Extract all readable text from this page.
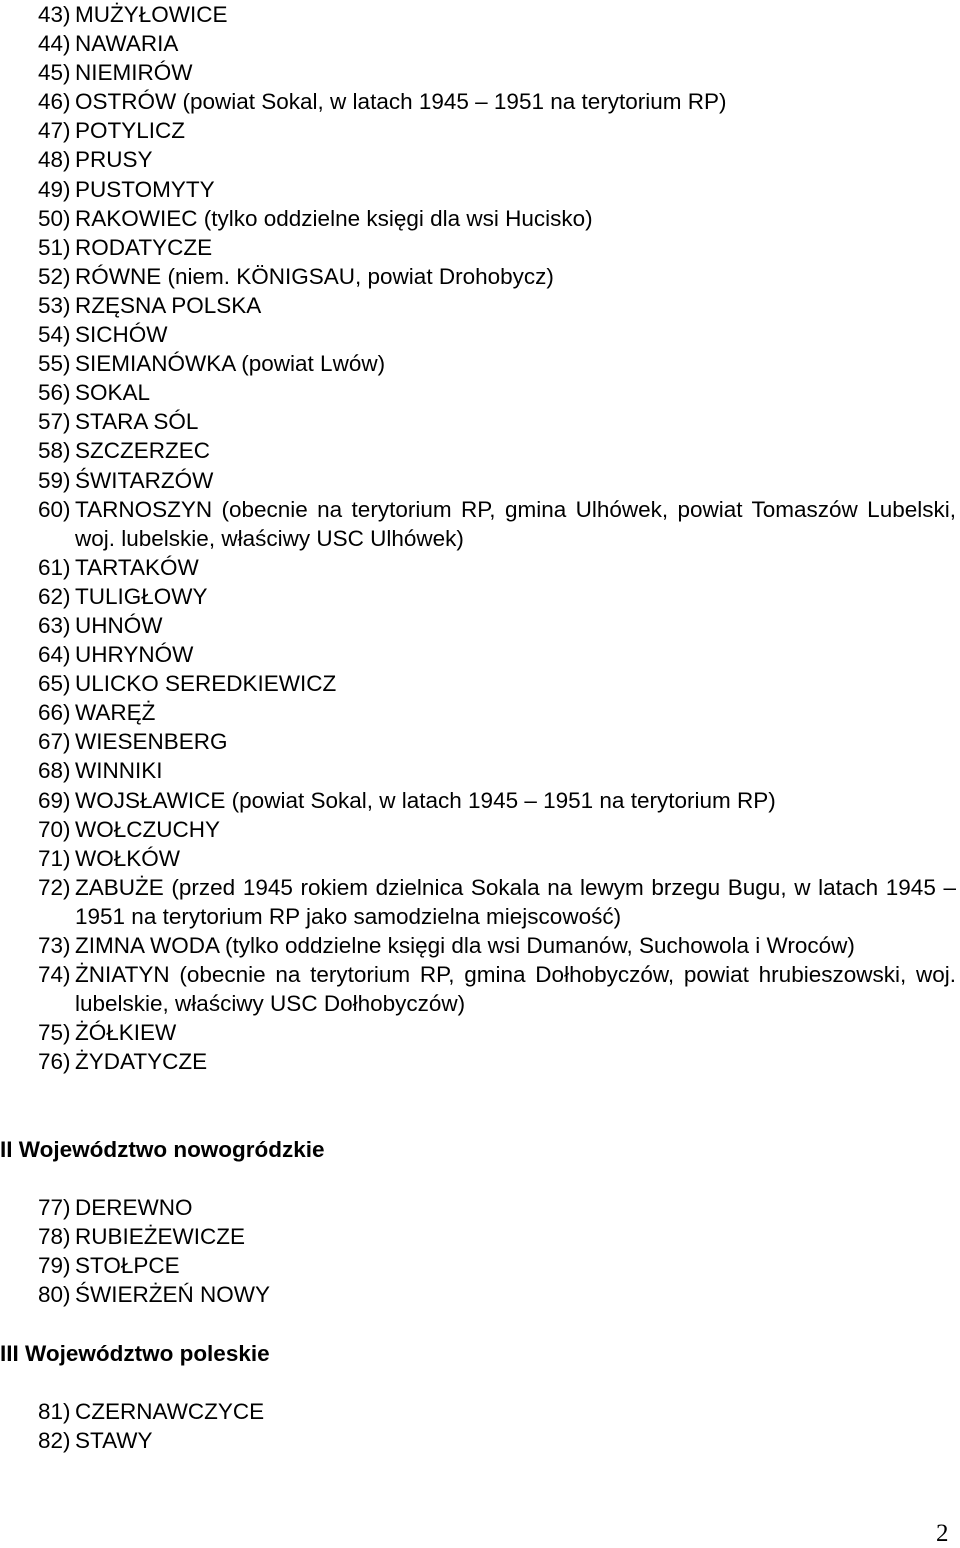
43) MUŻYŁOWICE
44) NAWARIA
45) NIEMIRÓW
46) OSTRÓW (powiat Sokal, w latach 1945 – 1951 na terytorium RP)
47) POTYLICZ
48) PRUSY
49) PUSTOMYTY
50) RAKOWIEC (tylko oddzielne księgi dla wsi Hucisko)
51) RODATYCZE
52) RÓWNE (niem. KÖNIGSAU, powiat Drohobycz)
53) RZĘSNA POLSKA
54) SICHÓW
55) SIEMIANÓWKA (powiat Lwów)
56) SOKAL
57) STARA SÓL
58) SZCZERZEC
59) ŚWITARZÓW
60) TARNOSZYN (obecnie na terytorium RP, gmina Ulhówek, powiat Tomaszów Lubelski, woj. lubelskie, właściwy USC Ulhówek)
61) TARTAKÓW
62) TULIGŁOWY
63) UHNÓW
64) UHRYNÓW
65) ULICKO SEREDKIEWICZ
66) WARĘŻ
67) WIESENBERG
68) WINNIKI
69) WOJSŁAWICE (powiat Sokal, w latach 1945 – 1951 na terytorium RP)
70) WOŁCZUCHY
71) WOŁKÓW
72) ZABUŻE (przed 1945 rokiem dzielnica Sokala na lewym brzegu Bugu, w latach 1945 – 1951 na terytorium RP jako samodzielna miejscowość)
73) ZIMNA WODA (tylko oddzielne księgi dla wsi Dumanów, Suchowola i Wroców)
74) ŻNIATYN (obecnie na terytorium RP, gmina Dołhobyczów, powiat hrubieszowski, woj. lubelskie, właściwy USC Dołhobyczów)
75) ŻÓŁKIEW
76) ŻYDATYCZE
II Województwo nowogródzkie
77) DEREWNO
78) RUBIEŻEWICZE
79) STOŁPCE
80) ŚWIERŻEŃ NOWY
III Województwo poleskie
81) CZERNAWCZYCE
82) STAWY
2
